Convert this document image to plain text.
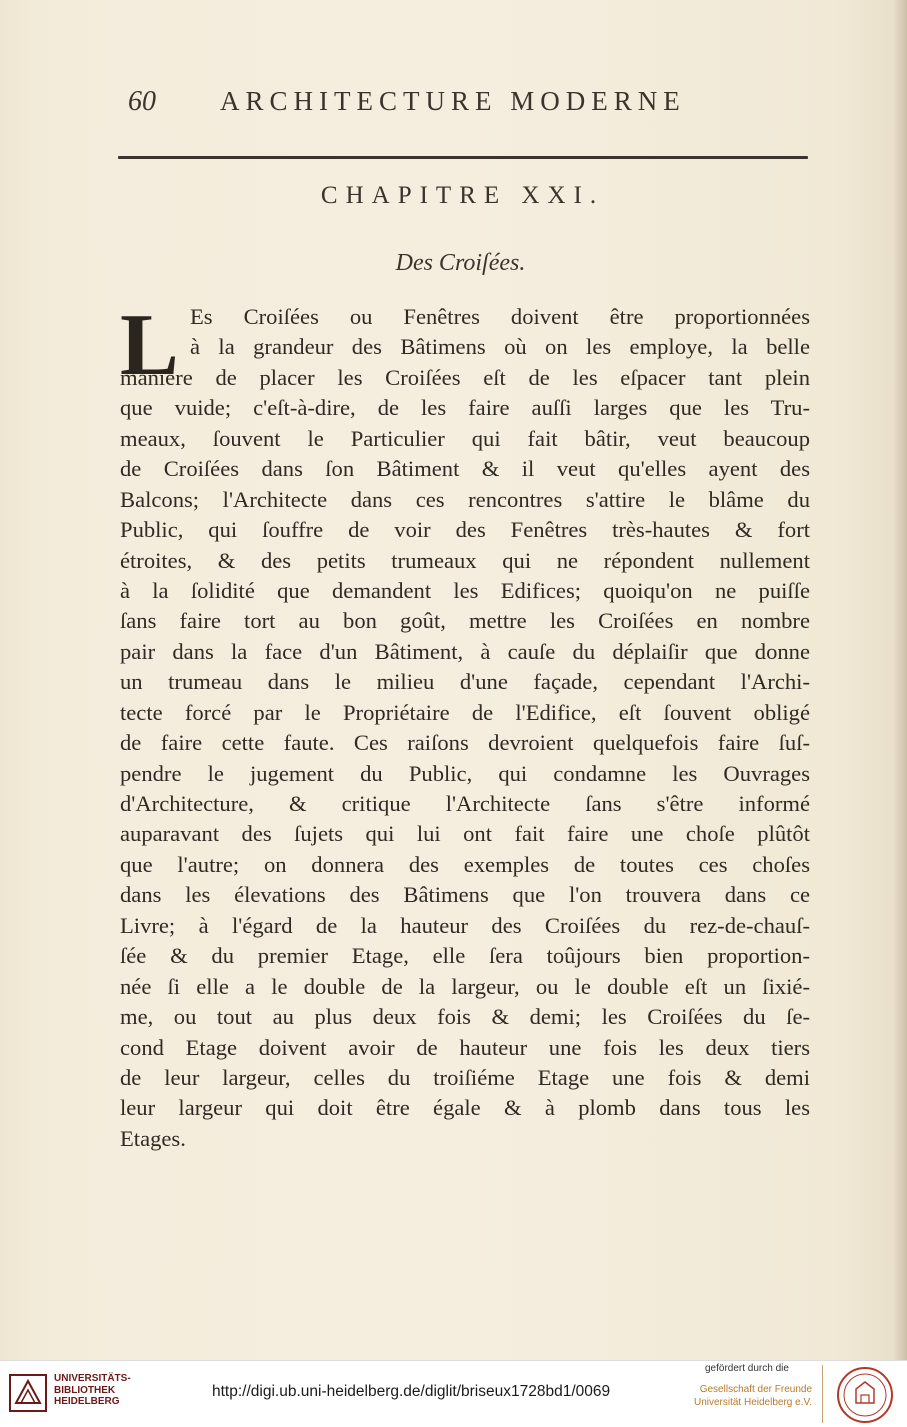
60 ARCHITECTURE MODERNE
CHAPITRE XXI.
Des Croiſées.
L Es Croiſées ou Fenêtres doivent être proportionnées
à la grandeur des Bâtimens où on les employe, la belle
maniere de placer les Croiſées eſt de les eſpacer tant plein
que vuide; c'eſt-à-dire, de les faire auſſi larges que les Tru-
meaux, ſouvent le Particulier qui fait bâtir, veut beaucoup
de Croiſées dans ſon Bâtiment & il veut qu'elles ayent des
Balcons; l'Architecte dans ces rencontres s'attire le blâme du
Public, qui ſouffre de voir des Fenêtres très-hautes & fort
étroites, & des petits trumeaux qui ne répondent nullement
à la ſolidité que demandent les Edifices; quoiqu'on ne puiſſe
ſans faire tort au bon goût, mettre les Croiſées en nombre
pair dans la face d'un Bâtiment, à cauſe du déplaiſir que donne
un trumeau dans le milieu d'une façade, cependant l'Archi-
tecte forcé par le Propriétaire de l'Edifice, eſt ſouvent obligé
de faire cette faute. Ces raiſons devroient quelquefois faire ſuſ-
pendre le jugement du Public, qui condamne les Ouvrages
d'Architecture, & critique l'Architecte ſans s'être informé
auparavant des ſujets qui lui ont fait faire une choſe plûtôt
que l'autre; on donnera des exemples de toutes ces choſes
dans les élevations des Bâtimens que l'on trouvera dans ce
Livre; à l'égard de la hauteur des Croiſées du rez-de-chauſ-
ſée & du premier Etage, elle ſera toûjours bien proportion-
née ſi elle a le double de la largeur, ou le double eſt un ſixié-
me, ou tout au plus deux fois & demi; les Croiſées du ſe-
cond Etage doivent avoir de hauteur une fois les deux tiers
de leur largeur, celles du troiſiéme Etage une fois & demi
leur largeur qui doit être égale & à plomb dans tous les
Etages.
UNIVERSITÄTS-
BIBLIOTHEK
HEIDELBERG
http://digi.ub.uni-heidelberg.de/diglit/briseux1728bd1/0069
gefördert durch die
Gesellschaft der Freunde
Universität Heidelberg e.V.
